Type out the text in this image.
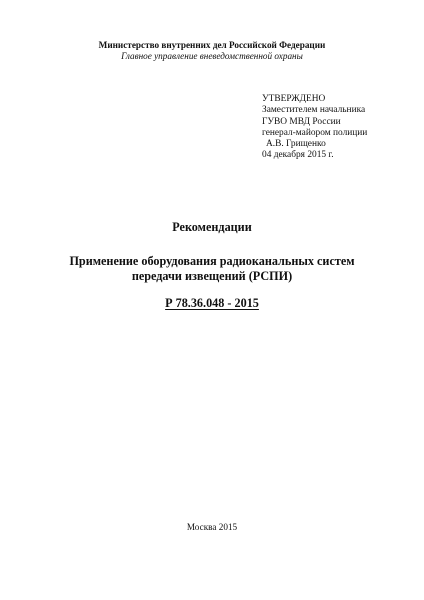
Министерство внутренних дел Российской Федерации
Главное управление вневедомственной охраны
УТВЕРЖДЕНО
Заместителем начальника
ГУВО МВД России
генерал-майором полиции
А.В. Грищенко
04 декабря 2015 г.
Рекомендации
Применение оборудования радиоканальных систем
передачи извещений (РСПИ)
Р 78.36.048 - 2015
Москва 2015
